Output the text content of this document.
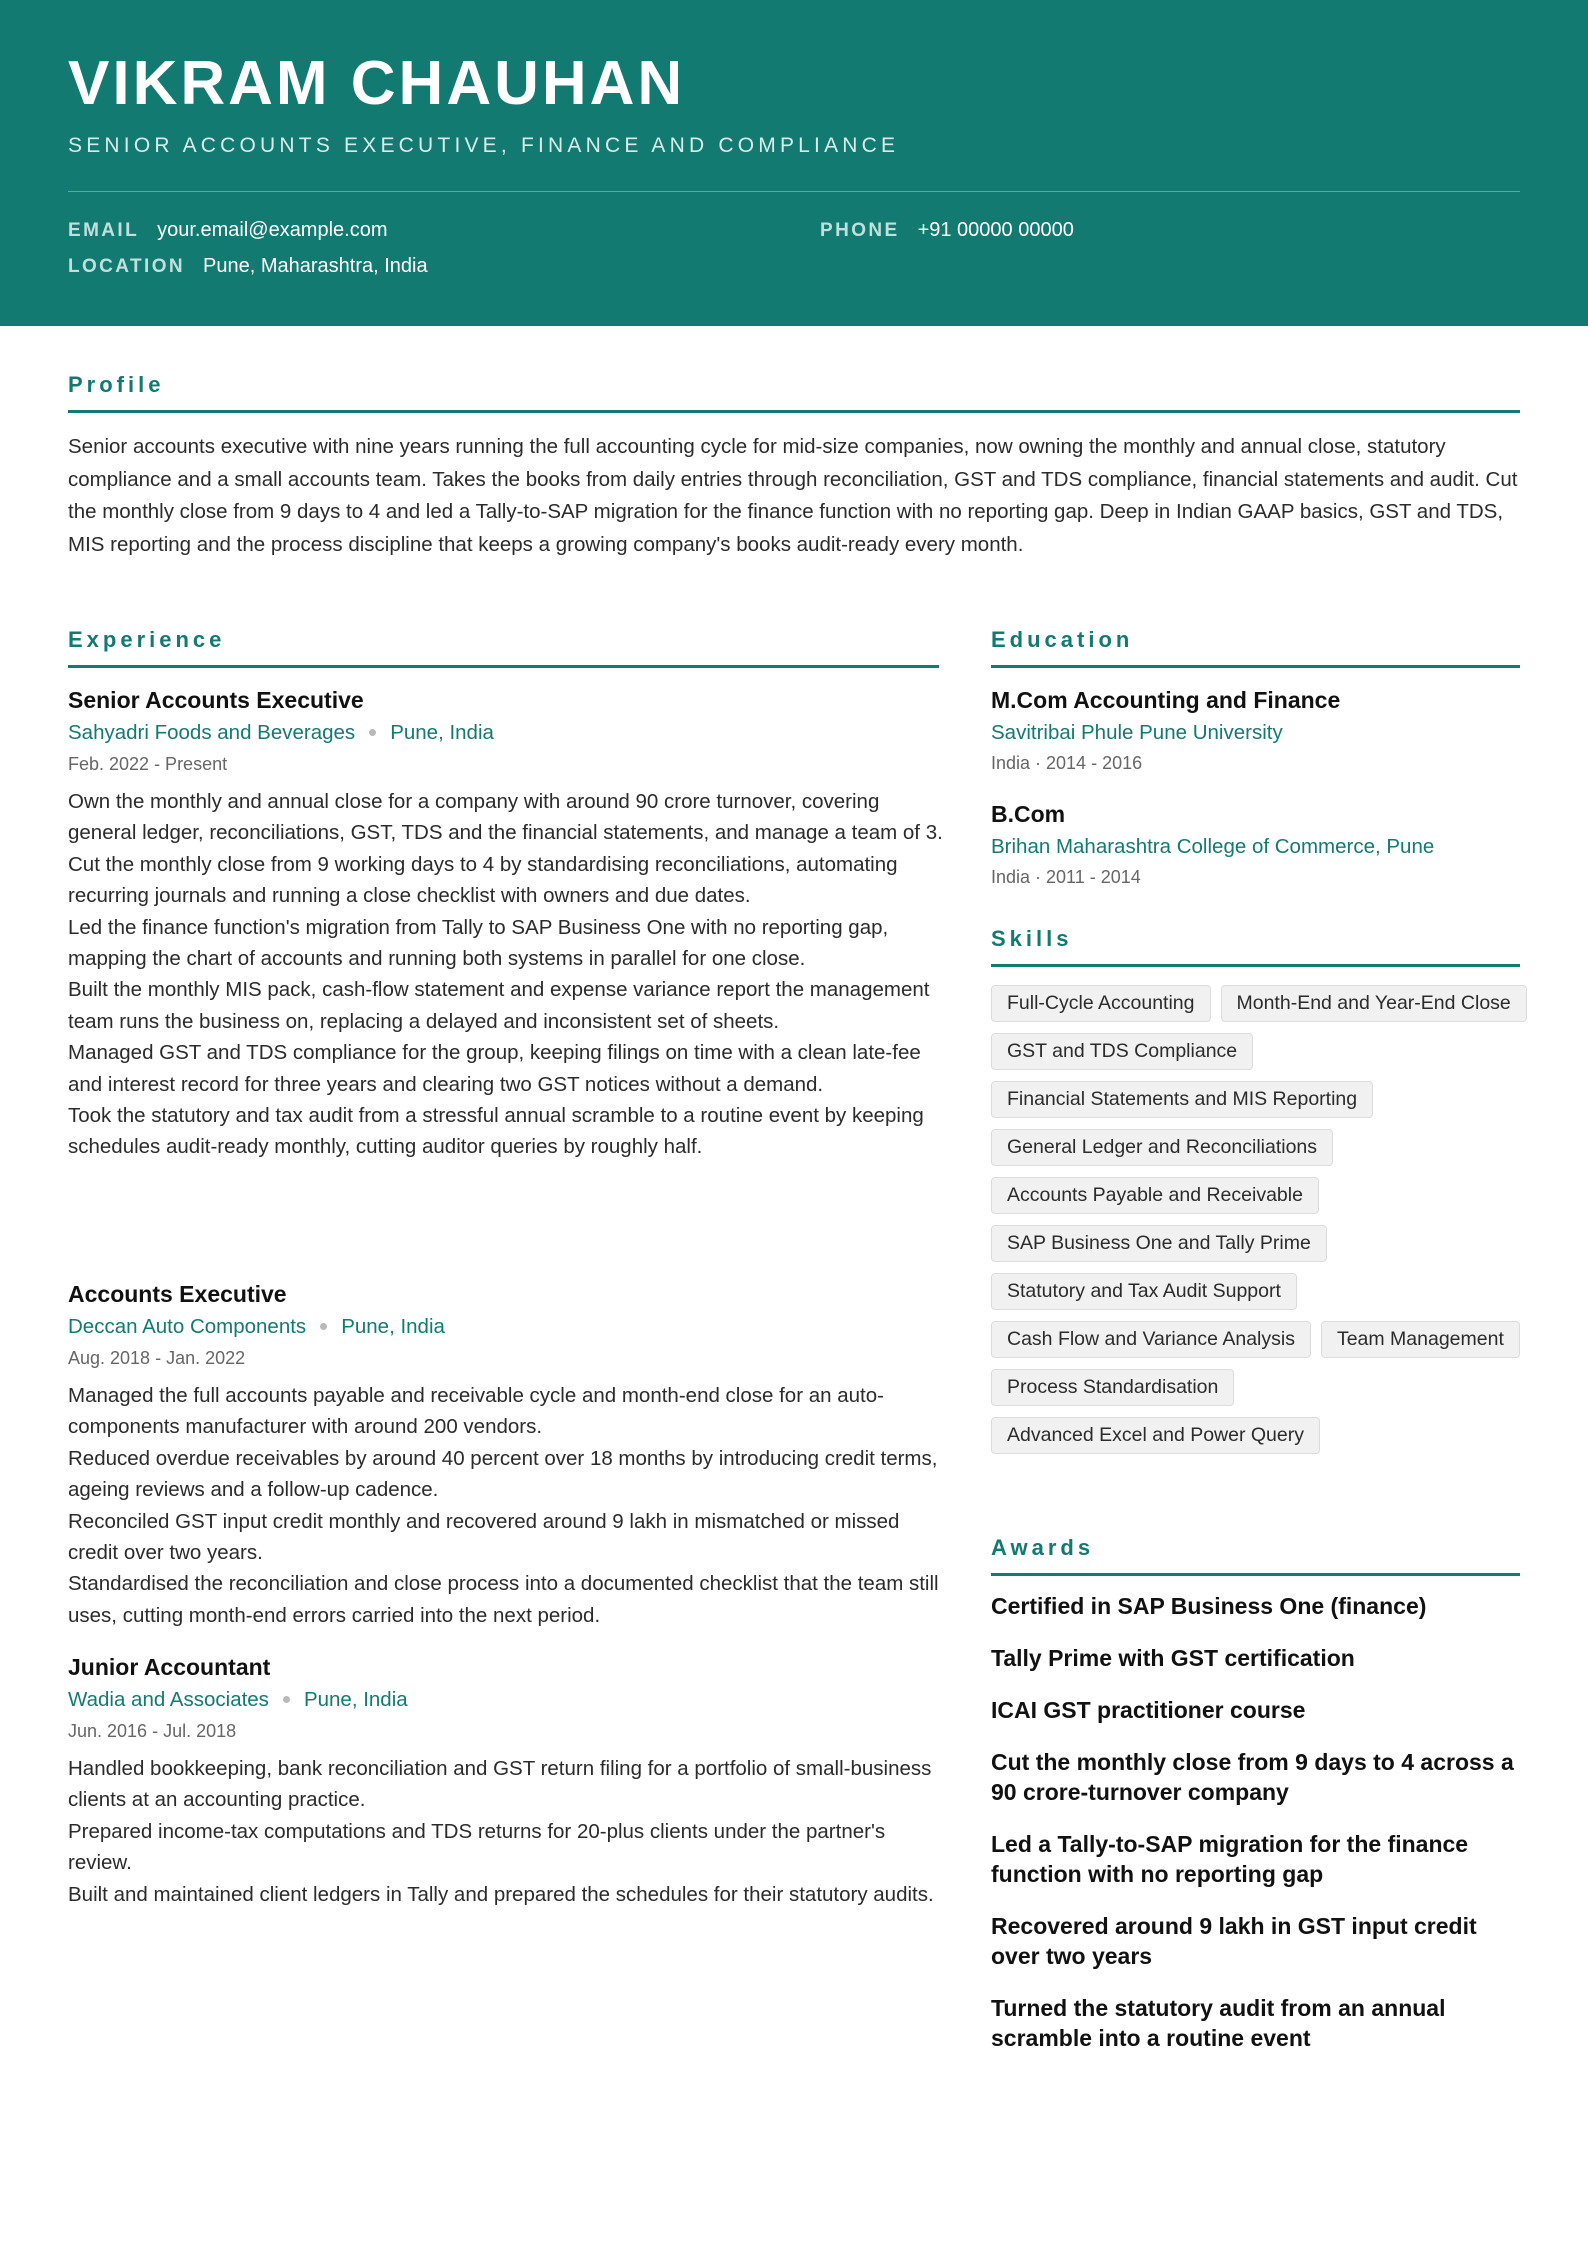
VIKRAM CHAUHAN
SENIOR ACCOUNTS EXECUTIVE, FINANCE AND COMPLIANCE
EMAIL your.email@example.com	PHONE +91 00000 00000
LOCATION Pune, Maharashtra, India
Profile
Senior accounts executive with nine years running the full accounting cycle for mid-size companies, now owning the monthly and annual close, statutory compliance and a small accounts team. Takes the books from daily entries through reconciliation, GST and TDS compliance, financial statements and audit. Cut the monthly close from 9 days to 4 and led a Tally-to-SAP migration for the finance function with no reporting gap. Deep in Indian GAAP basics, GST and TDS, MIS reporting and the process discipline that keeps a growing company's books audit-ready every month.
Experience
Senior Accounts Executive
Sahyadri Foods and Beverages Pune, India
Feb. 2022 - Present
Own the monthly and annual close for a company with around 90 crore turnover, covering general ledger, reconciliations, GST, TDS and the financial statements, and manage a team of 3.
Cut the monthly close from 9 working days to 4 by standardising reconciliations, automating recurring journals and running a close checklist with owners and due dates.
Led the finance function's migration from Tally to SAP Business One with no reporting gap, mapping the chart of accounts and running both systems in parallel for one close.
Built the monthly MIS pack, cash-flow statement and expense variance report the management team runs the business on, replacing a delayed and inconsistent set of sheets.
Managed GST and TDS compliance for the group, keeping filings on time with a clean late-fee and interest record for three years and clearing two GST notices without a demand.
Took the statutory and tax audit from a stressful annual scramble to a routine event by keeping schedules audit-ready monthly, cutting auditor queries by roughly half.
Accounts Executive
Deccan Auto Components Pune, India
Aug. 2018 - Jan. 2022
Managed the full accounts payable and receivable cycle and month-end close for an auto-components manufacturer with around 200 vendors.
Reduced overdue receivables by around 40 percent over 18 months by introducing credit terms, ageing reviews and a follow-up cadence.
Reconciled GST input credit monthly and recovered around 9 lakh in mismatched or missed credit over two years.
Standardised the reconciliation and close process into a documented checklist that the team still uses, cutting month-end errors carried into the next period.
Junior Accountant
Wadia and Associates Pune, India
Jun. 2016 - Jul. 2018
Handled bookkeeping, bank reconciliation and GST return filing for a portfolio of small-business clients at an accounting practice.
Prepared income-tax computations and TDS returns for 20-plus clients under the partner's review.
Built and maintained client ledgers in Tally and prepared the schedules for their statutory audits.
Education
M.Com Accounting and Finance
Savitribai Phule Pune University
India · 2014 - 2016
B.Com
Brihan Maharashtra College of Commerce, Pune
India · 2011 - 2014
Skills
Full-Cycle Accounting	Month-End and Year-End Close
GST and TDS Compliance
Financial Statements and MIS Reporting
General Ledger and Reconciliations
Accounts Payable and Receivable
SAP Business One and Tally Prime
Statutory and Tax Audit Support
Cash Flow and Variance Analysis	Team Management
Process Standardisation
Advanced Excel and Power Query
Awards
Certified in SAP Business One (finance)
Tally Prime with GST certification
ICAI GST practitioner course
Cut the monthly close from 9 days to 4 across a 90 crore-turnover company
Led a Tally-to-SAP migration for the finance function with no reporting gap
Recovered around 9 lakh in GST input credit over two years
Turned the statutory audit from an annual scramble into a routine event
